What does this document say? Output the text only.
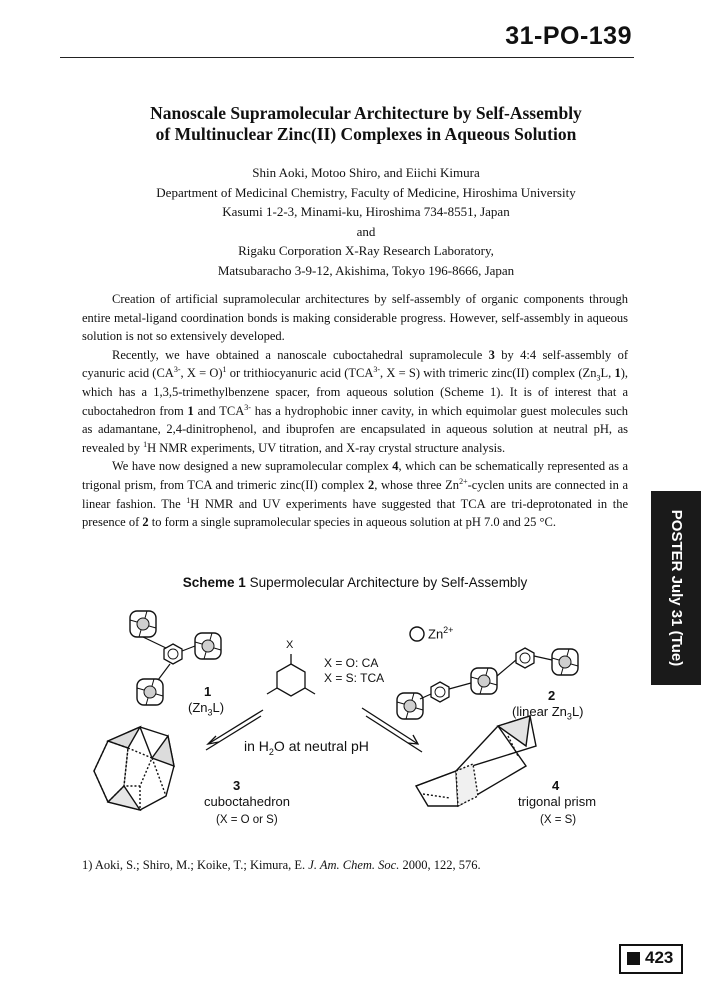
31-PO-139
Nanoscale Supramolecular Architecture by Self-Assembly
of Multinuclear Zinc(II) Complexes in Aqueous Solution
Shin Aoki, Motoo Shiro, and Eiichi Kimura
Department of Medicinal Chemistry, Faculty of Medicine, Hiroshima University
Kasumi 1-2-3, Minami-ku, Hiroshima 734-8551, Japan
and
Rigaku Corporation X-Ray Research Laboratory,
Matsubaracho 3-9-12, Akishima, Tokyo 196-8666, Japan

Creation of artificial supramolecular architectures by self-assembly of organic components through entire metal-ligand coordination bonds is making considerable progress. However, self-assembly in aqueous solution is not so extensively developed.

Recently, we have obtained a nanoscale cuboctahedral supramolecule 3 by 4:4 self-assembly of cyanuric acid ($CA^{3-}$, X = O)$^1$ or trithiocyanuric acid ($TCA^{3-}$, X = S) with trimeric zinc(II) complex ($Zn_3L$, 1), which has a 1,3,5-trimethylbenzene spacer, from aqueous solution (Scheme 1). It is of interest that a cuboctahedron from 1 and $TCA^{3-}$ has a hydrophobic inner cavity, in which equimolar guest molecules such as adamantane, 2,4-dinitrophenol, and ibuprofen are encapsulated in aqueous solution at neutral pH, as revealed by $^1$H NMR experiments, UV titration, and X-ray crystal structure analysis.

We have now designed a new supramolecular complex 4, which can be schematically represented as a trigonal prism, from TCA and trimeric zinc(II) complex 2, whose three $Zn^{2+}$-cyclen units are connected in a linear fashion. The $^1$H NMR and UV experiments have suggested that TCA are tri-deprotonated in the presence of 2 to form a single supramolecular species in aqueous solution at pH 7.0 and 25 °C.

Scheme 1 Supermolecular Architecture by Self-Assembly
$Zn^{2+}$
X
X = O: CA
X = S: TCA
1
$(Zn_3L)$
2
(linear $Zn_3L$)
in $H_2O$ at neutral pH
3
cuboctahedron
(X = O or S)
4
trigonal prism
(X = S)
1) Aoki, S.; Shiro, M.; Koike, T.; Kimura, E. J. Am. Chem. Soc. 2000, 122, 576.
POSTER July 31 (Tue)
423
